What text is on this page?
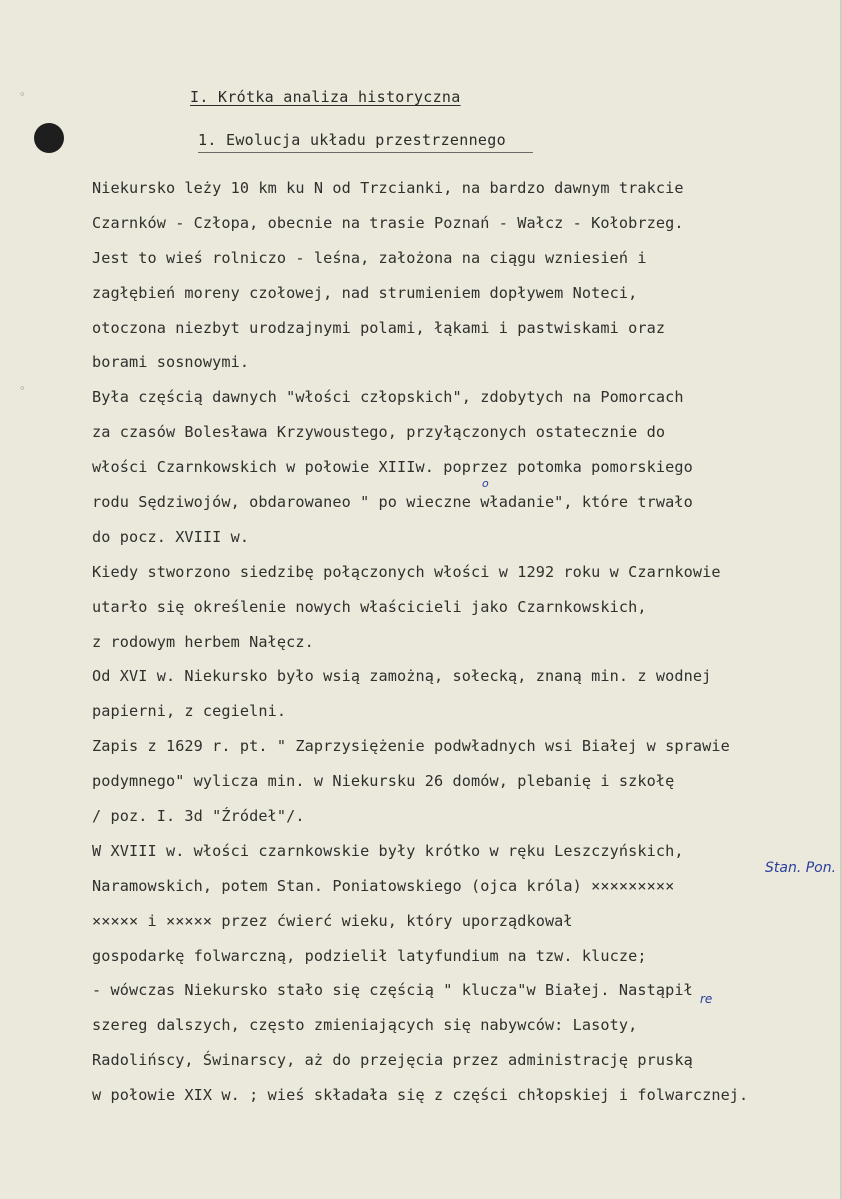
◦
◦
I. Krótka analiza historyczna
1. Ewolucja układu przestrzennego
Niekursko leży 10 km ku N od Trzcianki, na bardzo dawnym trakcie
Czarnków - Człopa, obecnie na trasie Poznań - Wałcz - Kołobrzeg.
Jest to wieś rolniczo - leśna, założona na ciągu wzniesień i
zagłębień moreny czołowej, nad strumieniem dopływem Noteci,
otoczona niezbyt urodzajnymi polami, łąkami i pastwiskami oraz
borami sosnowymi.
Była częścią dawnych "włości człopskich", zdobytych na Pomorcach
za czasów Bolesława Krzywoustego, przyłączonych ostatecznie do
włości Czarnkowskich w połowie XIIIw. poprzez potomka pomorskiego
rodu Sędziwojów, obdarowaneo " po wieczne władanie", które trwało
do pocz. XVIII w.
Kiedy stworzono siedzibę połączonych włości w 1292 roku w Czarnkowie
utarło się określenie nowych właścicieli jako Czarnkowskich,
z rodowym herbem Nałęcz.
Od XVI w. Niekursko było wsią zamożną, sołecką, znaną min. z wodnej
papierni, z cegielni.
Zapis z 1629 r. pt. " Zaprzysiężenie podwładnych wsi Białej w sprawie
podymnego" wylicza min. w Niekursku 26 domów, plebanię i szkołę
/ poz. I. 3d "Źródeł"/.
W XVIII w. włości czarnkowskie były krótko w ręku Leszczyńskich,
Naramowskich, potem Stan. Poniatowskiego (ojca króla) ×××××××××
××××× i ××××× przez ćwierć wieku, który uporządkował
gospodarkę folwarczną, podzielił latyfundium na tzw. klucze;
- wówczas Niekursko stało się częścią " klucza"w Białej. Nastąpił
szereg dalszych, często zmieniających się nabywców: Lasoty,
Radolińscy, Świnarscy, aż do przejęcia przez administrację pruską
w połowie XIX w. ; wieś składała się z części chłopskiej i folwarcznej.
Stan. Pon.
re
o
